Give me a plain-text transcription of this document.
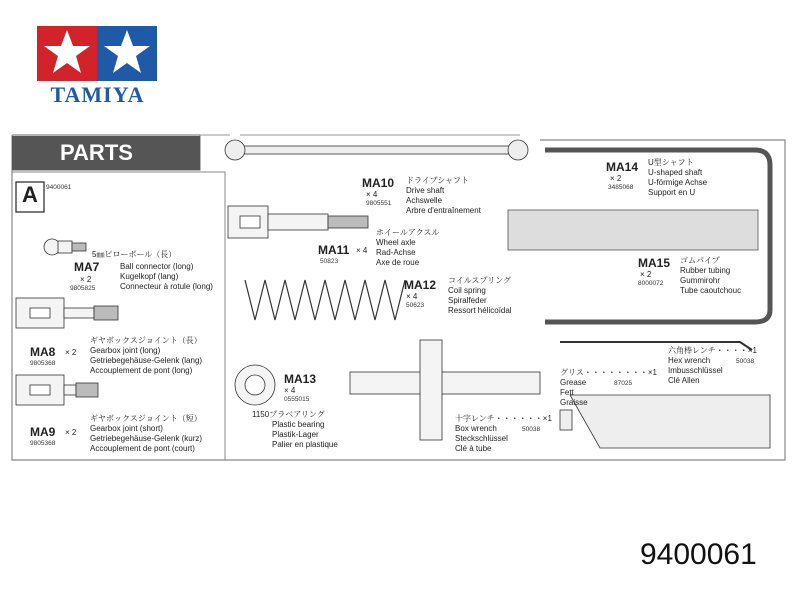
TAMIYA
PARTS
A	9400061
5㎜ピローボール（長）
MA7
× 2
9805825
Ball connector (long)
Kugelkopf (lang)
Connecteur à rotule (long)
MA8 × 2
9805368
ギヤボックスジョイント（長）
Gearbox joint (long)
Getriebegehäuse-Gelenk (lang)
Accouplement de pont (long)
MA9 × 2
9805368
ギヤボックスジョイント（短）
Gearbox joint (short)
Getriebegehäuse-Gelenk (kurz)
Accouplement de pont (court)
MA10
× 4
9805551
ドライブシャフト
Drive shaft
Achswelle
Arbre d'entraînement
MA11 × 4
50823
ホイールアクスル
Wheel axle
Rad-Achse
Axe de roue
MA12
× 4
50623
コイルスプリング
Coil spring
Spiralfeder
Ressort hélicoïdal
MA13
× 4
0555015
1150プラベアリング
Plastic bearing
Plastik-Lager
Palier en plastique
十字レンチ・・・・・・×1
50038
Box wrench
Steckschlüssel
Clé à tube
MA14
× 2
3485068
U型シャフト
U-shaped shaft
U-förmige Achse
Support en U
MA15
× 2
8000072
ゴムパイプ
Rubber tubing
Gummirohr
Tube caoutchouc
六角棒レンチ・・・・×1
50038
Hex wrench
Imbusschlüssel
Clé Allen
グリス・・・・・・・・×1
87025
Grease
Fett
Graisse
9400061
